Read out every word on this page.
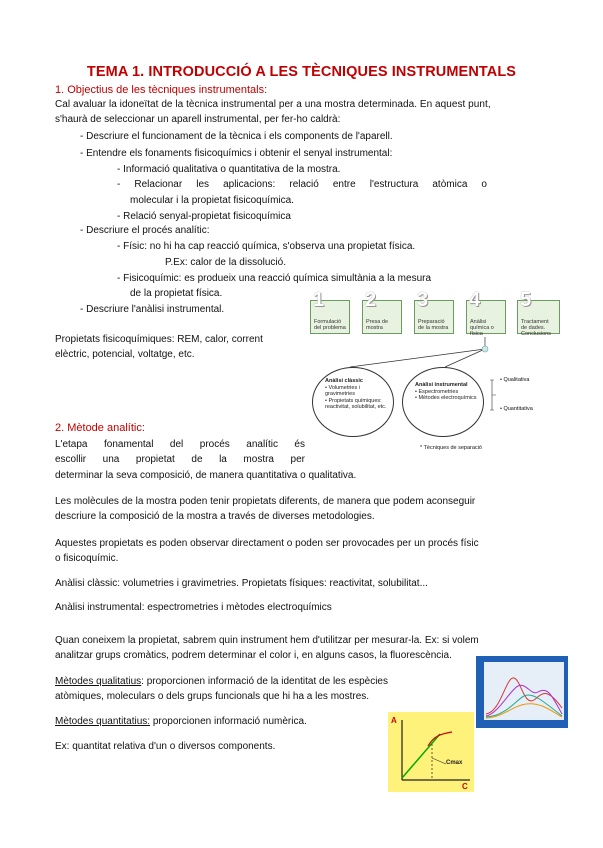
TEMA 1. INTRODUCCIÓ A LES TÈCNIQUES INSTRUMENTALS
1. Objectius de les tècniques instrumentals:
Cal avaluar la idoneïtat de la tècnica instrumental per a una mostra determinada. En aquest punt,
s'haurà de seleccionar un aparell instrumental, per fer-ho caldrà:
- Descriure el funcionament de la tècnica i els components de l'aparell.
- Entendre els fonaments fisicoquímics i obtenir el senyal instrumental:
- Informació qualitativa o quantitativa de la mostra.
- Relacionar les aplicacions: relació entre l'estructura atòmica o
molecular i la propietat fisicoquímica.
- Relació senyal-propietat fisicoquímica
- Descriure el procés analític:
- Físic: no hi ha cap reacció química, s'observa una propietat física.
P.Ex: calor de la dissolució.
- Fisicoquímic: es produeix una reacció química simultània a la mesura
de la propietat física.
- Descriure l'anàlisi instrumental.
Propietats fisicoquímiques: REM, calor, corrent
elèctric, potencial, voltatge, etc.
1
Formulació del problema
2
Presa de mostra
3
Preparació de la mostra
4
Anàlisi química o física
5
Tractament de dades. Conclusions
Anàlisi clàssic
• Volumetries i gravimetries
• Propietats químiques: reactivitat, solubilitat, etc.
Anàlisi instrumental
• Espectrometries
• Mètodes electroquímics
• Qualitativa
• Quantitativa
* Tècniques de separació
2. Mètode analític:
L'etapa fonamental del procés analític és
escollir una propietat de la mostra per
determinar la seva composició, de manera quantitativa o qualitativa.
Les molècules de la mostra poden tenir propietats diferents, de manera que podem aconseguir
descriure la composició de la mostra a través de diverses metodologies.
Aquestes propietats es poden observar directament o poden ser provocades per un procés físic
o fisicoquímic.
Anàlisi clàssic: volumetries i gravimetries. Propietats físiques: reactivitat, solubilitat...
Anàlisi instrumental: espectrometries i mètodes electroquímics
Quan coneixem la propietat, sabrem quin instrument hem d'utilitzar per mesurar-la. Ex: si volem
analitzar grups cromàtics, podrem determinar el color i, en alguns casos, la fluorescència.
Mètodes qualitatius: proporcionen informació de la identitat de les espècies
atòmiques, moleculars o dels grups funcionals que hi ha a les mostres.
Mètodes quantitatius: proporcionen informació numèrica.
Ex: quantitat relativa d'un o diversos components.
A
C
Cmax
